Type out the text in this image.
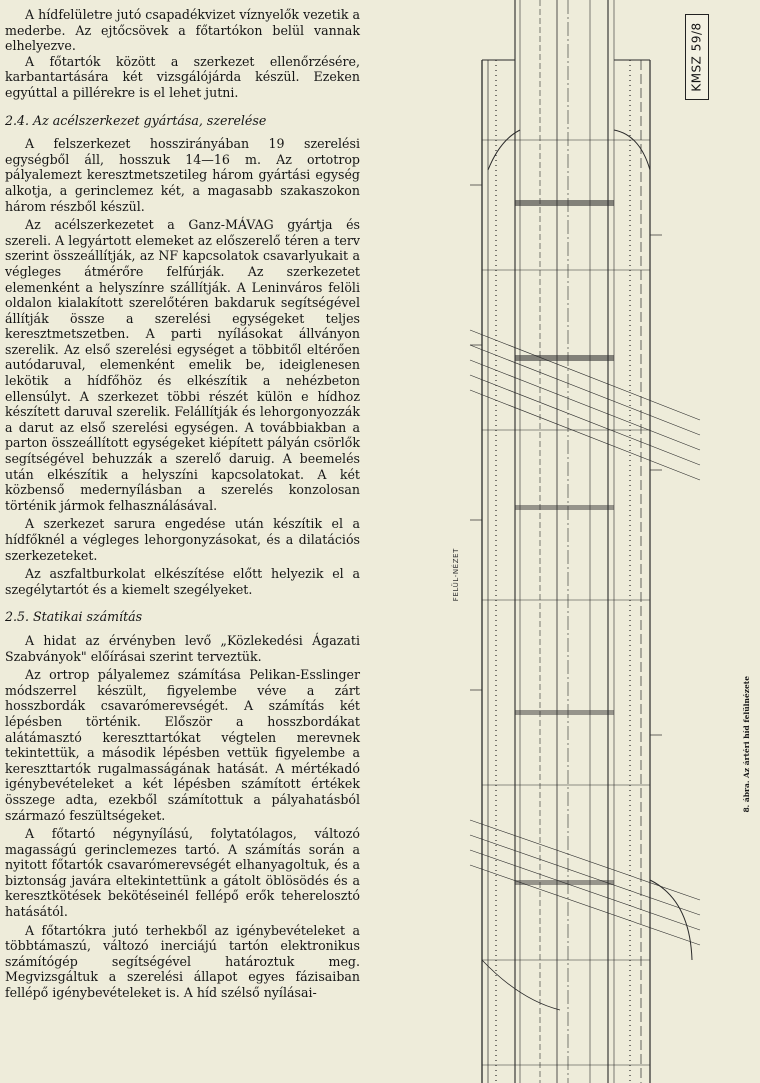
A hídfelületre jutó csapadékvizet víznyelők vezetik a mederbe. Az ejtőcsövek a főtartókon belül vannak elhelyezve.

A főtartók között a szerkezet ellenőrzésére, karbantartására két vizsgálójárda készül. Ezeken egyúttal a pillérekre is el lehet jutni.

2.4. Az acélszerkezet gyártása, szerelése

A felszerkezet hosszirányában 19 szerelési egységből áll, hosszuk 14—16 m. Az ortotrop pályalemezt keresztmetszetileg három gyártási egység alkotja, a gerinclemez két, a magasabb szakaszokon három részből készül.

Az acélszerkezetet a Ganz-MÁVAG gyártja és szereli. A legyártott elemeket az előszerelő téren a terv szerint összeállítják, az NF kapcsolatok csavarlyukait a végleges átmérőre felfúrják. Az szerkezetet elemenként a helyszínre szállítják. A Leninváros felöli oldalon kialakított szerelőtéren bakdaruk segítségével állítják össze a szerelési egységeket teljes keresztmetszetben. A parti nyílásokat állványon szerelik. Az első szerelési egységet a többitől eltérően autódaruval, elemenként emelik be, ideiglenesen lekötik a hídfőhöz és elkészítik a nehézbeton ellensúlyt. A szerkezet többi részét külön e hídhoz készített daruval szerelik. Felállítják és lehorgonyozzák a darut az első szerelési egységen. A továbbiakban a parton összeállított egységeket kiépített pályán csörlők segítségével behuzzák a szerelő daruig. A beemelés után elkészítik a helyszíni kapcsolatokat. A két közbenső medernyílásban a szerelés konzolosan történik jármok felhasználásával.

A szerkezet sarura engedése után készítik el a hídfőknél a végleges lehorgonyzásokat, és a dilatációs szerkezeteket.

Az aszfaltburkolat elkészítése előtt helyezik el a szegélytartót és a kiemelt szegélyeket.

2.5. Statikai számítás

A hidat az érvényben levő „Közlekedési Ágazati Szabványok" előírásai szerint terveztük.

Az ortrop pályalemez számítása Pelikan-Esslinger módszerrel készült, figyelembe véve a zárt hosszbordák csavarómerevségét. A számítás két lépésben történik. Először a hosszbordákat alátámasztó kereszttartókat végtelen merevnek tekintettük, a második lépésben vettük figyelembe a kereszttartók rugalmasságának hatását. A mértékadó igénybevételeket a két lépésben számított értékek összege adta, ezekből számítottuk a pályahatásból származó feszültségeket.

A főtartó négynyílású, folytatólagos, változó magasságú gerinclemezes tartó. A számítás során a nyitott főtartók csavarómerevségét elhanyagoltuk, és a biztonság javára eltekintettünk a gátolt öblösödés és a keresztkötések bekötéseinél fellépő erők teherelosztó hatásától.

A főtartókra jutó terhekből az igénybevételeket a többtámaszú, változó inerciájú tartón elektronikus számítógép segítségével határoztuk meg. Megvizsgáltuk a szerelési állapot egyes fázisaiban fellépő igénybevételeket is. A híd szélső nyílásai-

KMSZ 59/8
FELÜL-NÉZET
8. ábra. Az ártéri híd felülnézete
